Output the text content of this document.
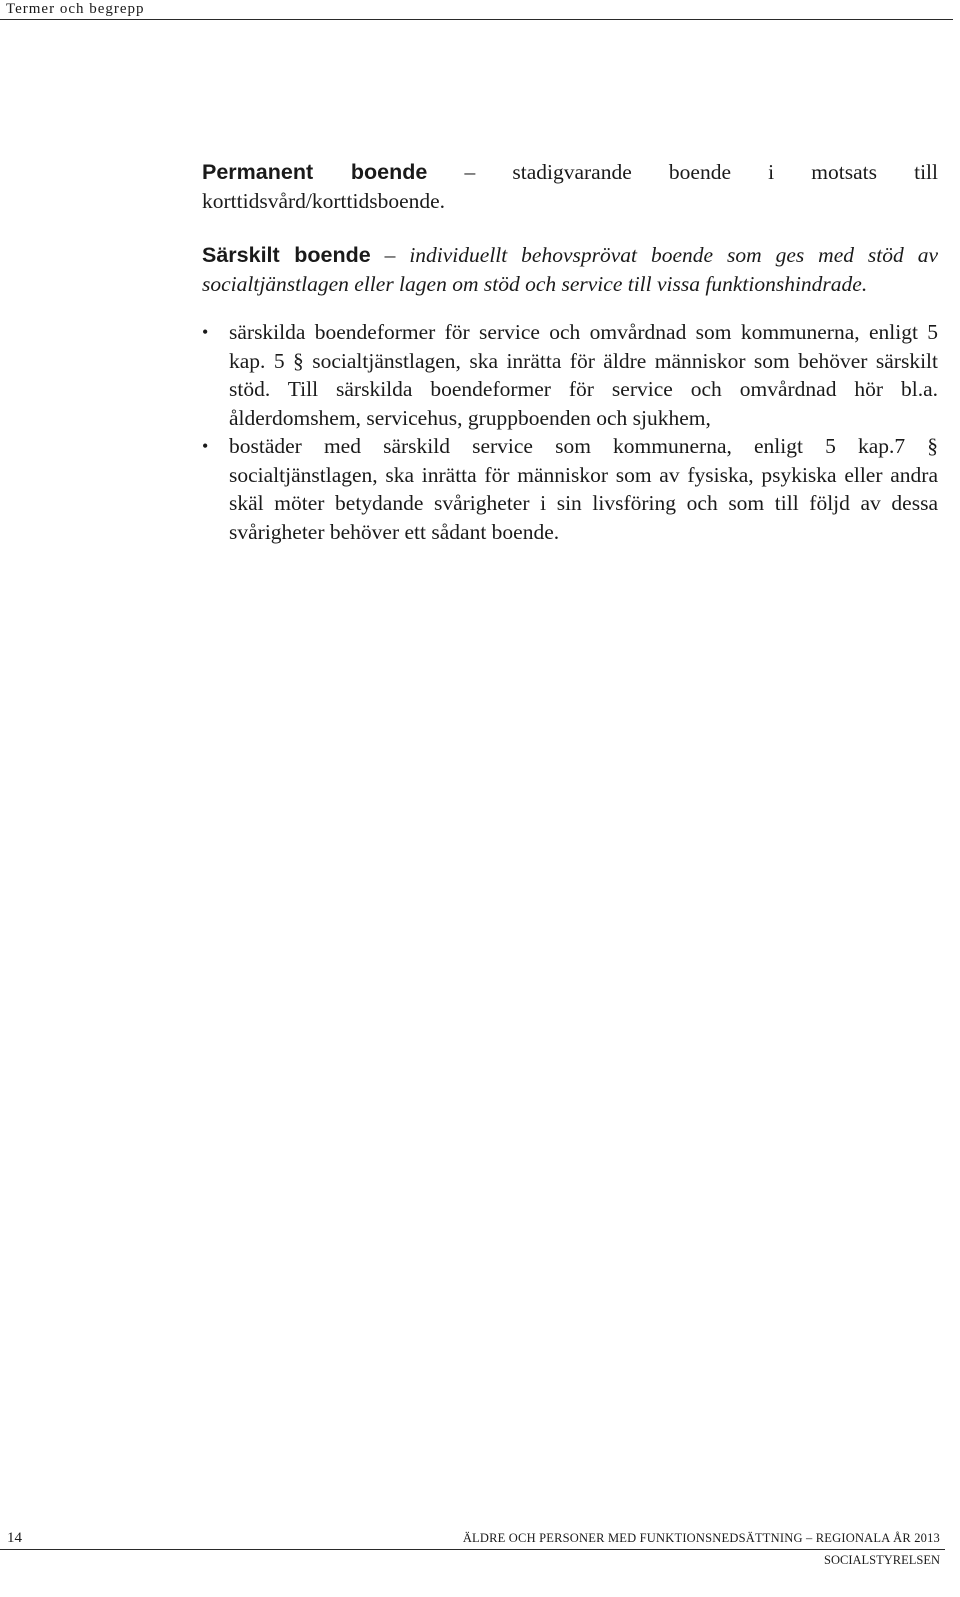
Termer och begrepp

Permanent boende – stadigvarande boende i motsats till korttidsvård/korttidsboende.

Särskilt boende – individuellt behovsprövat boende som ges med stöd av socialtjänstlagen eller lagen om stöd och service till vissa funktionshindrade.

• särskilda boendeformer för service och omvårdnad som kommunerna, enligt 5 kap. 5 § socialtjänstlagen, ska inrätta för äldre människor som behöver särskilt stöd. Till särskilda boendeformer för service och omvårdnad hör bl.a. ålderdomshem, servicehus, gruppboenden och sjukhem,
• bostäder med särskild service som kommunerna, enligt 5 kap.7 § socialtjänstlagen, ska inrätta för människor som av fysiska, psykiska eller andra skäl möter betydande svårigheter i sin livsföring och som till följd av dessa svårigheter behöver ett sådant boende.
14	ÄLDRE OCH PERSONER MED FUNKTIONSNEDSÄTTNING – REGIONALA ÅR 2013
SOCIALSTYRELSEN
